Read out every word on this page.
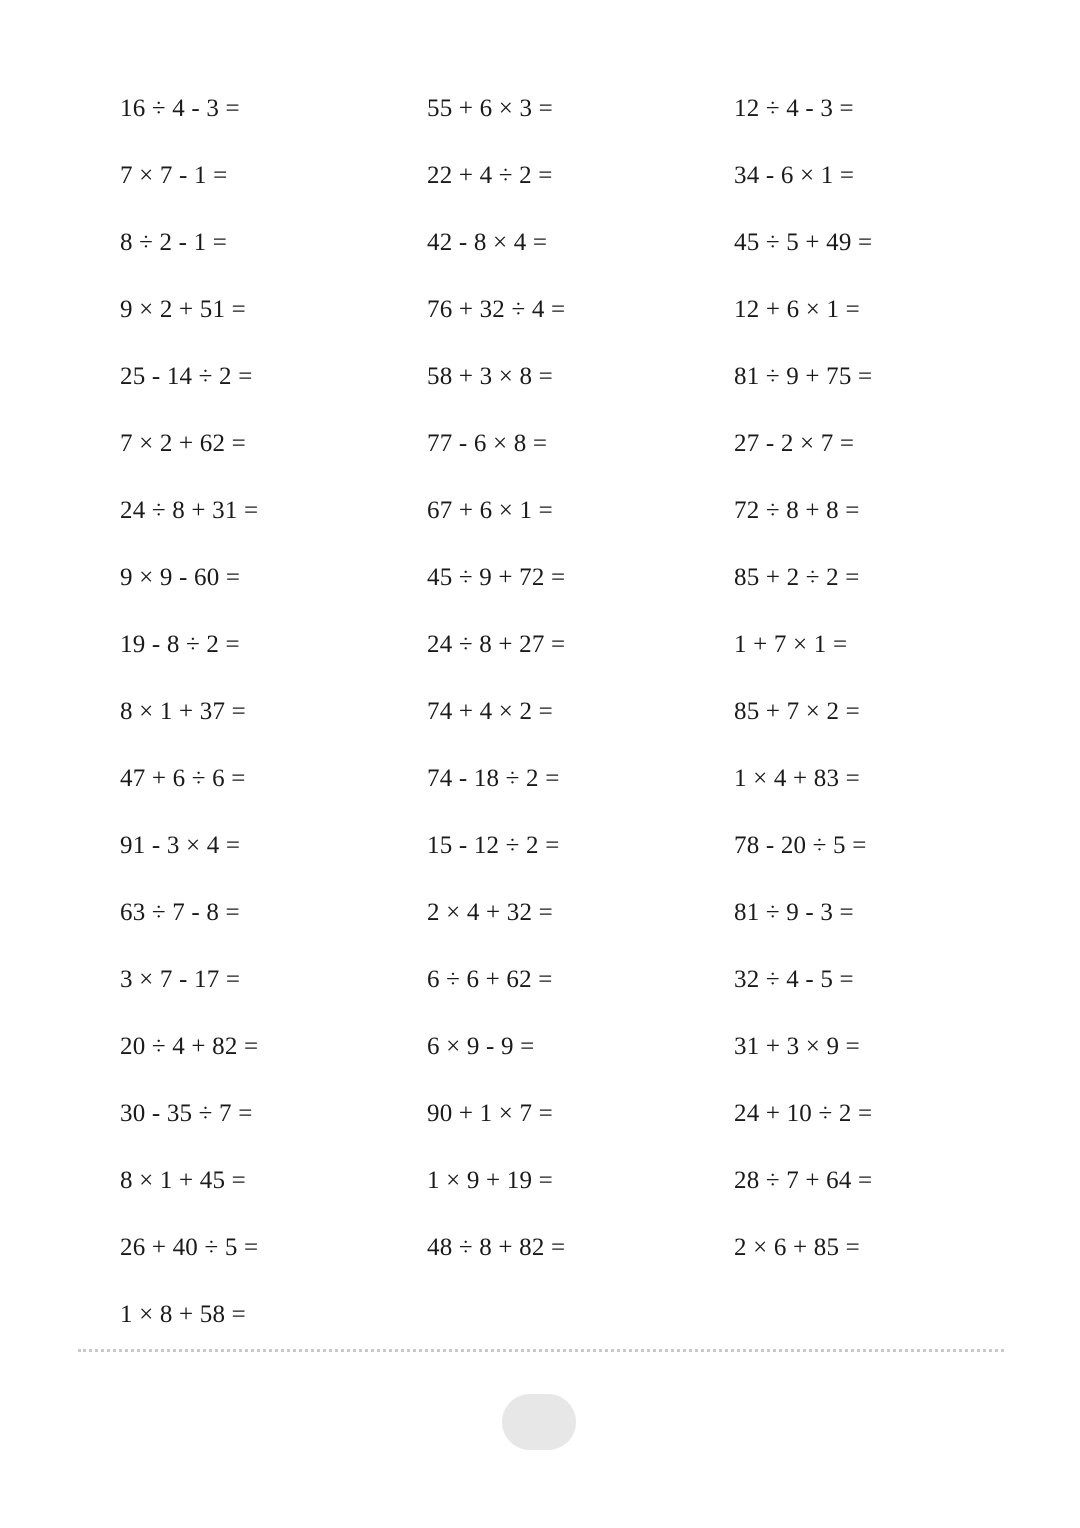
16 ÷ 4 - 3 =	55 + 6 × 3 =	12 ÷ 4 - 3 =
7 × 7 - 1 =	22 + 4 ÷ 2 =	34 - 6 × 1 =
8 ÷ 2 - 1 =	42 - 8 × 4 =	45 ÷ 5 + 49 =
9 × 2 + 51 =	76 + 32 ÷ 4 =	12 + 6 × 1 =
25 - 14 ÷ 2 =	58 + 3 × 8 =	81 ÷ 9 + 75 =
7 × 2 + 62 =	77 - 6 × 8 =	27 - 2 × 7 =
24 ÷ 8 + 31 =	67 + 6 × 1 =	72 ÷ 8 + 8 =
9 × 9 - 60 =	45 ÷ 9 + 72 =	85 + 2 ÷ 2 =
19 - 8 ÷ 2 =	24 ÷ 8 + 27 =	1 + 7 × 1 =
8 × 1 + 37 =	74 + 4 × 2 =	85 + 7 × 2 =
47 + 6 ÷ 6 =	74 - 18 ÷ 2 =	1 × 4 + 83 =
91 - 3 × 4 =	15 - 12 ÷ 2 =	78 - 20 ÷ 5 =
63 ÷ 7 - 8 =	2 × 4 + 32 =	81 ÷ 9 - 3 =
3 × 7 - 17 =	6 ÷ 6 + 62 =	32 ÷ 4 - 5 =
20 ÷ 4 + 82 =	6 × 9 - 9 =	31 + 3 × 9 =
30 - 35 ÷ 7 =	90 + 1 × 7 =	24 + 10 ÷ 2 =
8 × 1 + 45 =	1 × 9 + 19 =	28 ÷ 7 + 64 =
26 + 40 ÷ 5 =	48 ÷ 8 + 82 =	2 × 6 + 85 =
1 × 8 + 58 =
